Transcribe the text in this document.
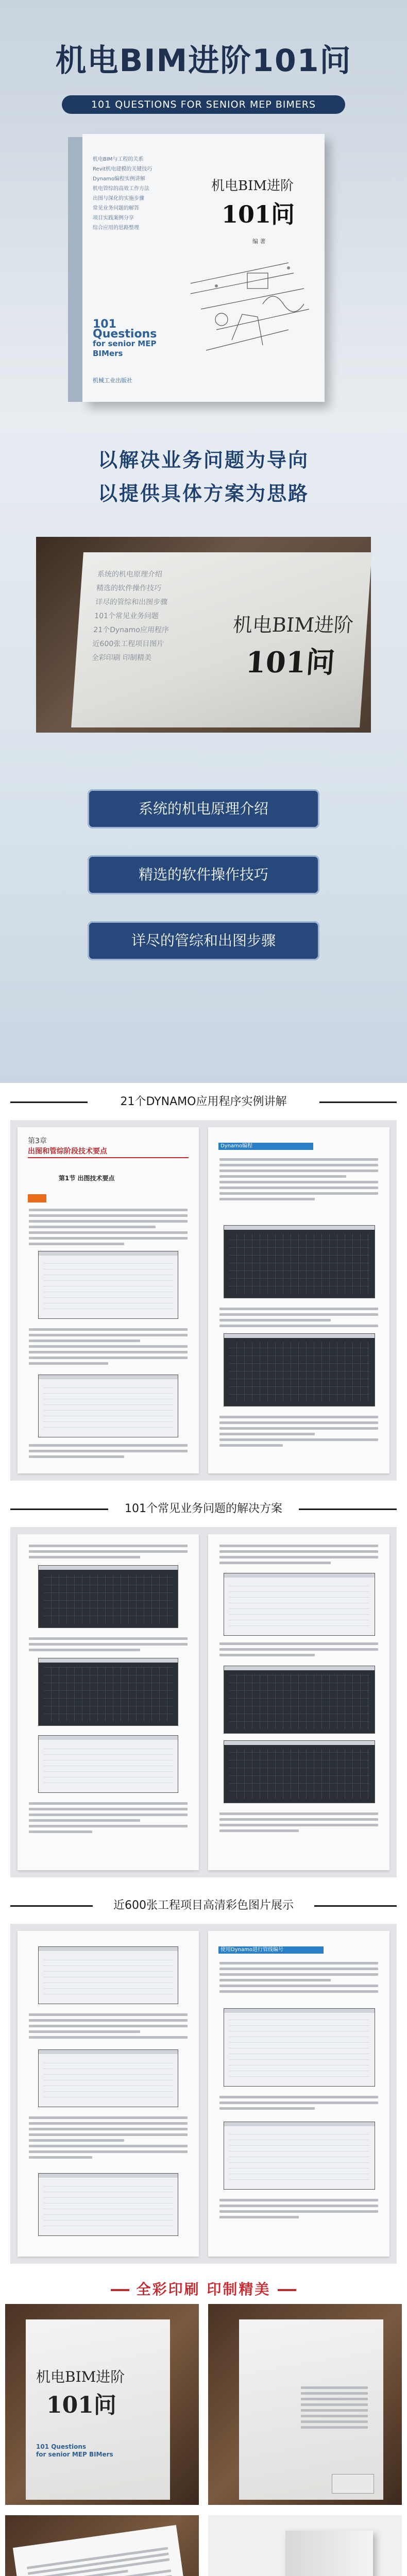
机电BIM进阶101问
101 QUESTIONS FOR SENIOR MEP BIMERS
机电BIM与工程的关系
Revit机电建模的关键技巧
Dynamo编程实例讲解
机电管综的高效工作方法
出图与深化的实施步骤
常见业务问题的解答
项目实践案例分享
综合应用的思路整理
机电BIM进阶
101问
编 著
101 Questions
for senior MEP BIMers
机械工业出版社
以解决业务问题为导向
以提供具体方案为思路
系统的机电原理介绍
精选的软件操作技巧
详尽的管综和出图步骤
101个常见业务问题
21个Dynamo应用程序
近600张工程项目图片
全彩印刷 印制精美
机电BIM进阶
101问
系统的机电原理介绍
精选的软件操作技巧
详尽的管综和出图步骤
21个DYNAMO应用程序实例讲解
第3章
出图和管综阶段技术要点
第1节 出图技术要点
Dynamo编程
101个常见业务问题的解决方案
近600张工程项目高清彩色图片展示
使用Dynamo进行管线编号
全彩印刷 印制精美
机电BIM进阶
101问
101 Questions
for senior MEP BIMers
